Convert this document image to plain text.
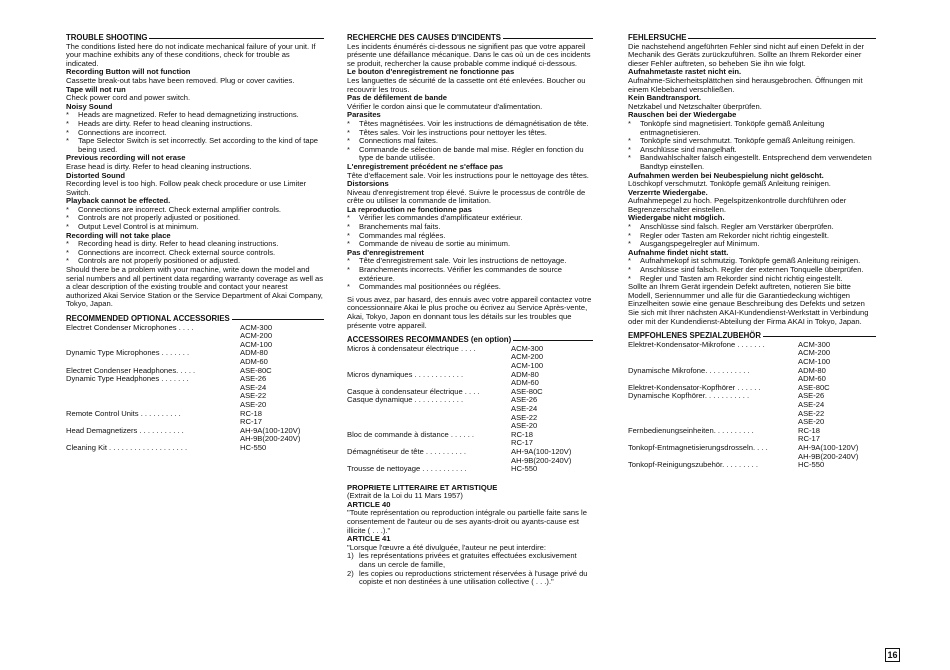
TROUBLE SHOOTING
The conditions listed here do not indicate mechanical failure of your unit. If your machine exhibits any of these conditions, check for trouble as indicated.
Recording Button will not function
Cassette break-out tabs have been removed. Plug or cover cavities.
Tape will not run
Check power cord and power switch.
Noisy Sound
*	Heads are magnetized. Refer to head demagnetizing instructions.
*	Heads are dirty. Refer to head cleaning instructions.
*	Connections are incorrect.
*	Tape Selector Switch is set incorrectly. Set according to the kind of tape being used.
Previous recording will not erase
Erase head is dirty. Refer to head cleaning instructions.
Distorted Sound
Recording level is too high. Follow peak check procedure or use Limiter Switch.
Playback cannot be effected.
*	Connections are incorrect. Check external amplifier controls.
*	Controls are not properly adjusted or positioned.
*	Output Level Control is at minimum.
Recording will not take place
*	Recording head is dirty. Refer to head cleaning instructions.
*	Connections are incorrect. Check external source controls.
*	Controls are not properly positioned or adjusted.
Should there be a problem with your machine, write down the model and serial numbers and all pertinent data regarding warranty coverage as well as a clear description of the existing trouble and contact your nearest authorized Akai Service Station or the Service Department of Akai Company, Tokyo, Japan.
RECOMMENDED OPTIONAL ACCESSORIES
Electret Condenser Microphones . . . .	ACM-300
ACM-200
ACM-100
Dynamic Type Microphones . . . . . . .	ADM-80
ADM-60
Electret Condenser Headphones. . . . .	ASE-80C
Dynamic Type Headphones . . . . . . .	ASE-26
ASE-24
ASE-22
ASE-20
Remote Control Units . . . . . . . . . .	RC-18
RC-17
Head Demagnetizers . . . . . . . . . . .	AH-9A(100-120V)
AH-9B(200-240V)
Cleaning Kit . . . . . . . . . . . . . . . . . . .	HC-550
RECHERCHE DES CAUSES D'INCIDENTS
Les incidents énumérés ci-dessous ne signifient pas que votre appareil présente une défaillance mécanique. Dans le cas où un de ces incidents se produit, rechercher la cause probable comme indiqué ci-dessous.
Le bouton d'enregistrement ne fonctionne pas
Les languettes de sécurité de la cassette ont été enlevées. Boucher ou recouvrir les trous.
Pas de défilement de bande
Vérifier le cordon ainsi que le commutateur d'alimentation.
Parasites
*	Têtes magnétisées. Voir les instructions de démagnétisation de tête.
*	Têtes sales. Voir les instructions pour nettoyer les têtes.
*	Connections mal faites.
*	Commande de sélection de bande mal mise. Régler en fonction du type de bande utilisée.
L'enregistrement précédent ne s'efface pas
Tête d'effacement sale. Voir les instructions pour le nettoyage des têtes.
Distorsions
Niveau d'enregistrement trop élevé. Suivre le processus de contrôle de crête ou utiliser la commande de limitation.
La reproduction ne fonctionne pas
*	Vérifier les commandes d'amplificateur extérieur.
*	Branchements mal faits.
*	Commandes mal réglées.
*	Commande de niveau de sortie au minimum.
Pas d'enregistrement
*	Tête d'enregistrement sale. Voir les instructions de nettoyage.
*	Branchements incorrects. Vérifier les commandes de source extérieure.
*	Commandes mal positionnées ou réglées.
Si vous avez, par hasard, des ennuis avec votre appareil contactez votre concessionnaire Akai le plus proche ou écrivez au Service Après-vente, Akai, Tokyo, Japon en donnant tous les détails sur les troubles que présente votre appareil.
ACCESSOIRES RECOMMANDES (en option)
Micros à condensateur électrique . . . .	ACM-300
ACM-200
ACM-100
Micros dynamiques . . . . . . . . . . . .	ADM-80
ADM-60
Casque à condensateur électrique . . . .	ASE-80C
Casque dynamique . . . . . . . . . . . .	ASE-26
ASE-24
ASE-22
ASE-20
Bloc de commande à distance . . . . . .	RC-18
RC-17
Démagnétiseur de tête . . . . . . . . . .	AH-9A(100-120V)
AH-9B(200-240V)
Trousse de nettoyage . . . . . . . . . . .	HC-550
PROPRIETE LITTERAIRE ET ARTISTIQUE
(Extrait de la Loi du 11 Mars 1957)
ARTICLE 40
"Toute représentation ou reproduction intégrale ou partielle faite sans le consentement de l'auteur ou de ses ayants-droit ou ayants-cause est illicite ( . . .)."
ARTICLE 41
"Lorsque l'œuvre a été divulguée, l'auteur ne peut interdire:
1) les représentations privées et gratuites effectuées exclusivement dans un cercle de famille,
2) les copies ou reproductions strictement réservées à l'usage privé du copiste et non destinées à une utilisation collective ( . . .)."
FEHLERSUCHE
Die nachstehend angeführten Fehler sind nicht auf einen Defekt in der Mechanik des Geräts zurückzuführen. Sollte an Ihrem Rekorder einer dieser Fehler auftreten, so beheben Sie ihn wie folgt.
Aufnahmetaste rastet nicht ein.
Aufnahme-Sicherheitsplättchen sind herausgebrochen. Öffnungen mit einem Klebeband verschließen.
Kein Bandtransport.
Netzkabel und Netzschalter überprüfen.
Rauschen bei der Wiedergabe
*	Tonköpfe sind magnetisiert. Tonköpfe gemäß Anleitung entmagnetisieren.
*	Tonköpfe sind verschmutzt. Tonköpfe gemäß Anleitung reinigen.
*	Anschlüsse sind mangelhaft.
*	Bandwahlschalter falsch eingestellt. Entsprechend dem verwendeten Bandtyp einstellen.
Aufnahmen werden bei Neubespielung nicht gelöscht.
Löschkopf verschmutzt. Tonköpfe gemäß Anleitung reinigen.
Verzerrte Wiedergabe.
Aufnahmepegel zu hoch. Pegelspitzenkontrolle durchführen oder Begrenzerschalter einstellen.
Wiedergabe nicht möglich.
*	Anschlüsse sind falsch. Regler am Verstärker überprüfen.
*	Regler oder Tasten am Rekorder nicht richtig eingestellt.
*	Ausgangspegelregler auf Minimum.
Aufnahme findet nicht statt.
*	Aufnahmekopf ist schmutzig. Tonköpfe gemäß Anleitung reinigen.
*	Anschlüsse sind falsch. Regler der externen Tonquelle überprüfen.
*	Regler und Tasten am Rekorder sind nicht richtig eingestellt.
Sollte an Ihrem Gerät irgendein Defekt auftreten, notieren Sie bitte Modell, Seriennummer und alle für die Garantiedeckung wichtigen Einzelheiten sowie eine genaue Beschreibung des Defekts und setzen Sie sich mit Ihrer nächsten AKAI-Kundendienst-Werkstatt in Verbindung oder mit der Kundendienst-Abteilung der Firma AKAI in Tokyo, Japan.
EMPFOHLENES SPEZIALZUBEHÖR
Elektret-Kondensator-Mikrofone . . . . . . .	ACM-300
ACM-200
ACM-100
Dynamische Mikrofone. . . . . . . . . . .	ADM-80
ADM-60
Elektret-Kondensator-Kopfhörer . . . . . .	ASE-80C
Dynamische Kopfhörer. . . . . . . . . . .	ASE-26
ASE-24
ASE-22
ASE-20
Fernbedienungseinheiten. . . . . . . . . .	RC-18
RC-17
Tonkopf-Entmagnetisierungsdrosseln. . . .	AH-9A(100-120V)
AH-9B(200-240V)
Tonkopf-Reinigungszubehör. . . . . . . . .	HC-550
16
